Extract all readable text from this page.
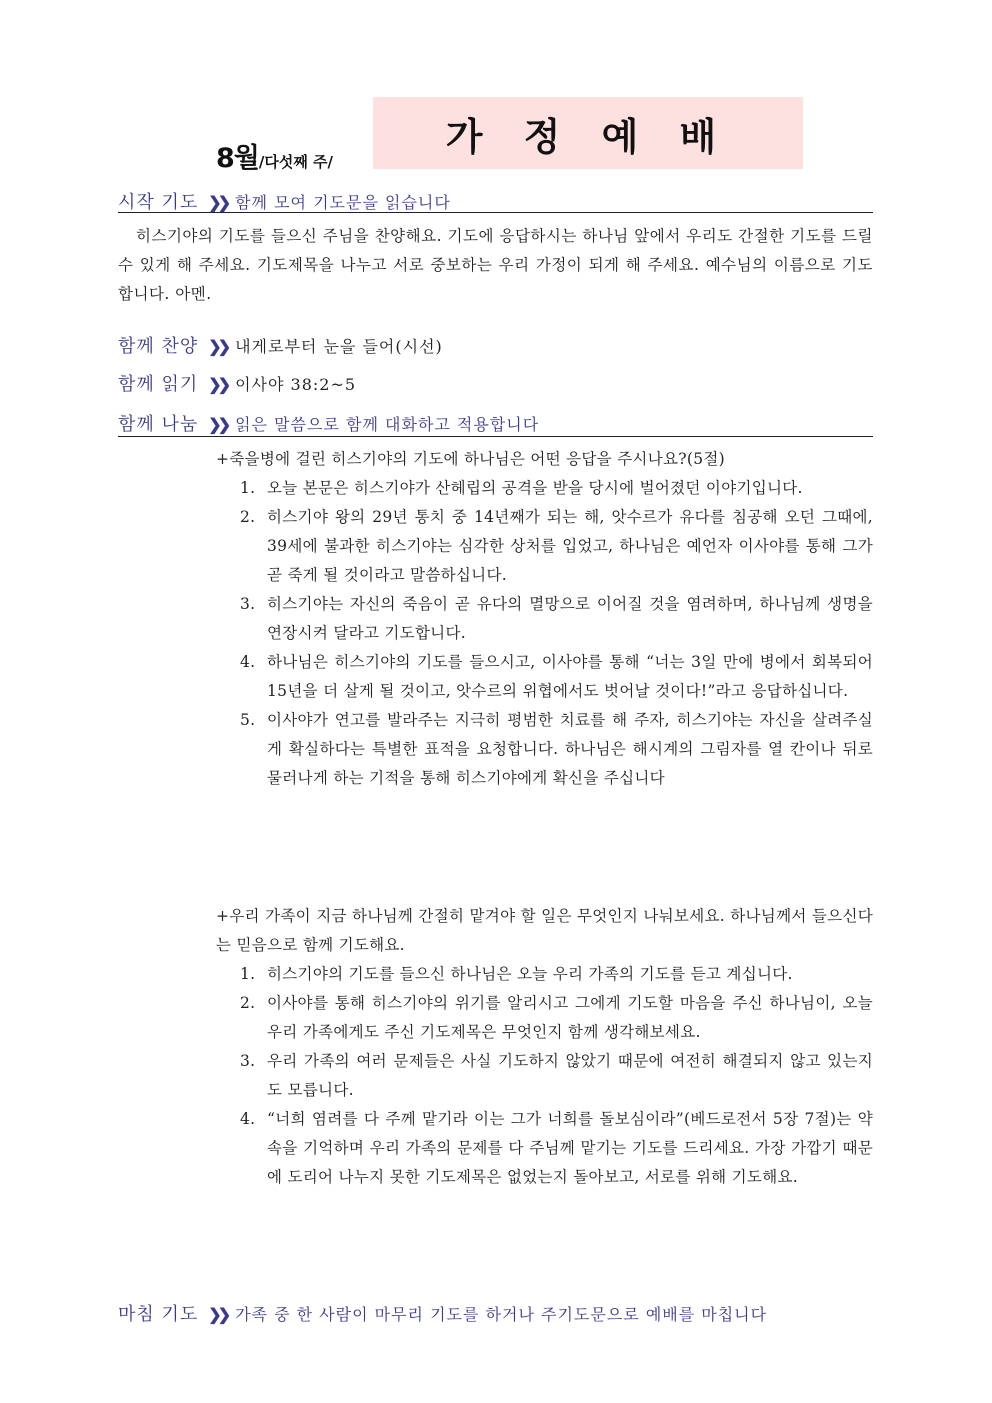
8월/다섯째 주/
가 정 예 배
시작 기도 ❯❯ 함께 모여 기도문을 읽습니다
히스기야의 기도를 들으신 주님을 찬양해요. 기도에 응답하시는 하나님 앞에서 우리도 간절한 기도를 드릴 수 있게 해 주세요. 기도제목을 나누고 서로 중보하는 우리 가정이 되게 해 주세요. 예수님의 이름으로 기도합니다. 아멘.
함께 찬양 ❯❯ 내게로부터 눈을 들어(시선)
함께 읽기 ❯❯ 이사야 38:2~5
함께 나눔 ❯❯ 읽은 말씀으로 함께 대화하고 적용합니다
+죽을병에 걸린 히스기야의 기도에 하나님은 어떤 응답을 주시나요?(5절)
1. 오늘 본문은 히스기야가 산헤립의 공격을 받을 당시에 벌어졌던 이야기입니다.
2. 히스기야 왕의 29년 통치 중 14년째가 되는 해, 앗수르가 유다를 침공해 오던 그때에, 39세에 불과한 히스기야는 심각한 상처를 입었고, 하나님은 예언자 이사야를 통해 그가 곧 죽게 될 것이라고 말씀하십니다.
3. 히스기야는 자신의 죽음이 곧 유다의 멸망으로 이어질 것을 염려하며, 하나님께 생명을 연장시켜 달라고 기도합니다.
4. 하나님은 히스기야의 기도를 들으시고, 이사야를 통해 “너는 3일 만에 병에서 회복되어 15년을 더 살게 될 것이고, 앗수르의 위협에서도 벗어날 것이다!”라고 응답하십니다.
5. 이사야가 연고를 발라주는 지극히 평범한 치료를 해 주자, 히스기야는 자신을 살려주실 게 확실하다는 특별한 표적을 요청합니다. 하나님은 해시계의 그림자를 열 칸이나 뒤로 물러나게 하는 기적을 통해 히스기야에게 확신을 주십니다
+우리 가족이 지금 하나님께 간절히 맡겨야 할 일은 무엇인지 나눠보세요. 하나님께서 들으신다는 믿음으로 함께 기도해요.
1. 히스기야의 기도를 들으신 하나님은 오늘 우리 가족의 기도를 듣고 계십니다.
2. 이사야를 통해 히스기야의 위기를 알리시고 그에게 기도할 마음을 주신 하나님이, 오늘 우리 가족에게도 주신 기도제목은 무엇인지 함께 생각해보세요.
3. 우리 가족의 여러 문제들은 사실 기도하지 않았기 때문에 여전히 해결되지 않고 있는지도 모릅니다.
4. “너희 염려를 다 주께 맡기라 이는 그가 너희를 돌보심이라”(베드로전서 5장 7절)는 약속을 기억하며 우리 가족의 문제를 다 주님께 맡기는 기도를 드리세요. 가장 가깝기 때문에 도리어 나누지 못한 기도제목은 없었는지 돌아보고, 서로를 위해 기도해요.
마침 기도 ❯❯ 가족 중 한 사람이 마무리 기도를 하거나 주기도문으로 예배를 마칩니다
